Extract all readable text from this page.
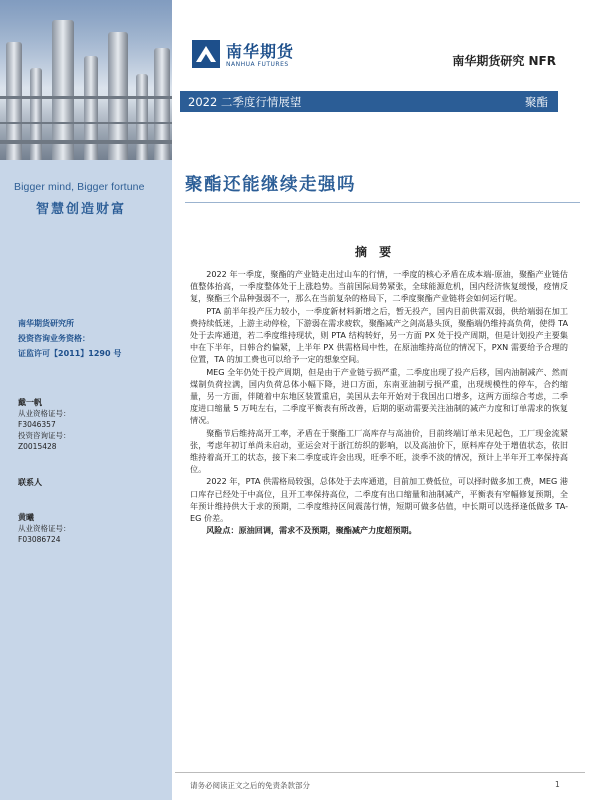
Bigger mind, Bigger fortune
智慧创造财富
南华期货研究所
投资咨询业务资格：
证监许可【2011】1290 号
戴一帆
从业资格证号：
F3046357
投资咨询证号：
Z0015428
联系人
黄曦
从业资格证号：
F03086724
南华期货
NANHUA FUTURES	南华期货研究 NFR
2022 二季度行情展望	聚酯
聚酯还能继续走强吗
摘 要

2022 年一季度，聚酯的产业链走出过山车的行情，一季度的核心矛盾在成本端-原油，聚酯产业链估值整体抬高，一季度整体处于上涨趋势。当前国际局势紧张，全球能源危机，国内经济恢复缓慢，疫情反复，聚酯三个品种强弱不一，那么在当前复杂的格局下，二季度聚酯产业链将会如何运行呢。

PTA 前半年投产压力较小，一季度新材料新增之后，暂无投产，国内目前供需双弱，供给端弱在加工费持续低迷，上游主动停检，下游弱在需求疲软，聚酯减产之剑高悬头顶，聚酯端仍维持高负荷，使得 TA 处于去库通道，若二季度维持现状，则 PTA 结构转好，另一方面 PX 处于投产周期，但是计划投产主要集中在下半年，日韩合约偏紧，上半年 PX 供需格局中性，在原油维持高位的情况下，PXN 需要给予合理的位置，TA 的加工费也可以给予一定的想象空间。

MEG 全年仍处于投产周期，但是由于产业链亏损严重，二季度出现了投产后移，国内油制减产、然而煤制负荷拉满，国内负荷总体小幅下降，进口方面，东南亚油制亏损严重，出现规模性的停车，合约缩量，另一方面，伴随着中东地区装置重启，美国从去年开始对于我国出口增多，这两方面综合考虑，二季度进口缩量 5 万吨左右，二季度平衡表有所改善，后期的驱动需要关注油制的减产力度和订单需求的恢复情况。

聚酯节后维持高开工率，矛盾在于聚酯工厂高库存与高油价，目前终端订单未见起色，工厂现金流紧张，考虑年初订单尚未启动，亚运会对于浙江纺织的影响，以及高油价下，原料库存处于增值状态，依旧维持着高开工的状态，接下来二季度或许会出现，旺季不旺，淡季不淡的情况，预计上半年开工率保持高位。

2022 年，PTA 供需格局较强，总体处于去库通道，目前加工费低位，可以择时做多加工费，MEG 港口库存已经处于中高位，且开工率保持高位，二季度有出口缩量和油制减产，平衡表有窄幅修复预期，全年预计维持供大于求的预期，二季度维持区间震荡行情，短期可做多估值，中长期可以选择逢低做多 TA-EG 价差。

风险点：原油回调，需求不及预期，聚酯减产力度超预期。

请务必阅读正文之后的免责条款部分	1
